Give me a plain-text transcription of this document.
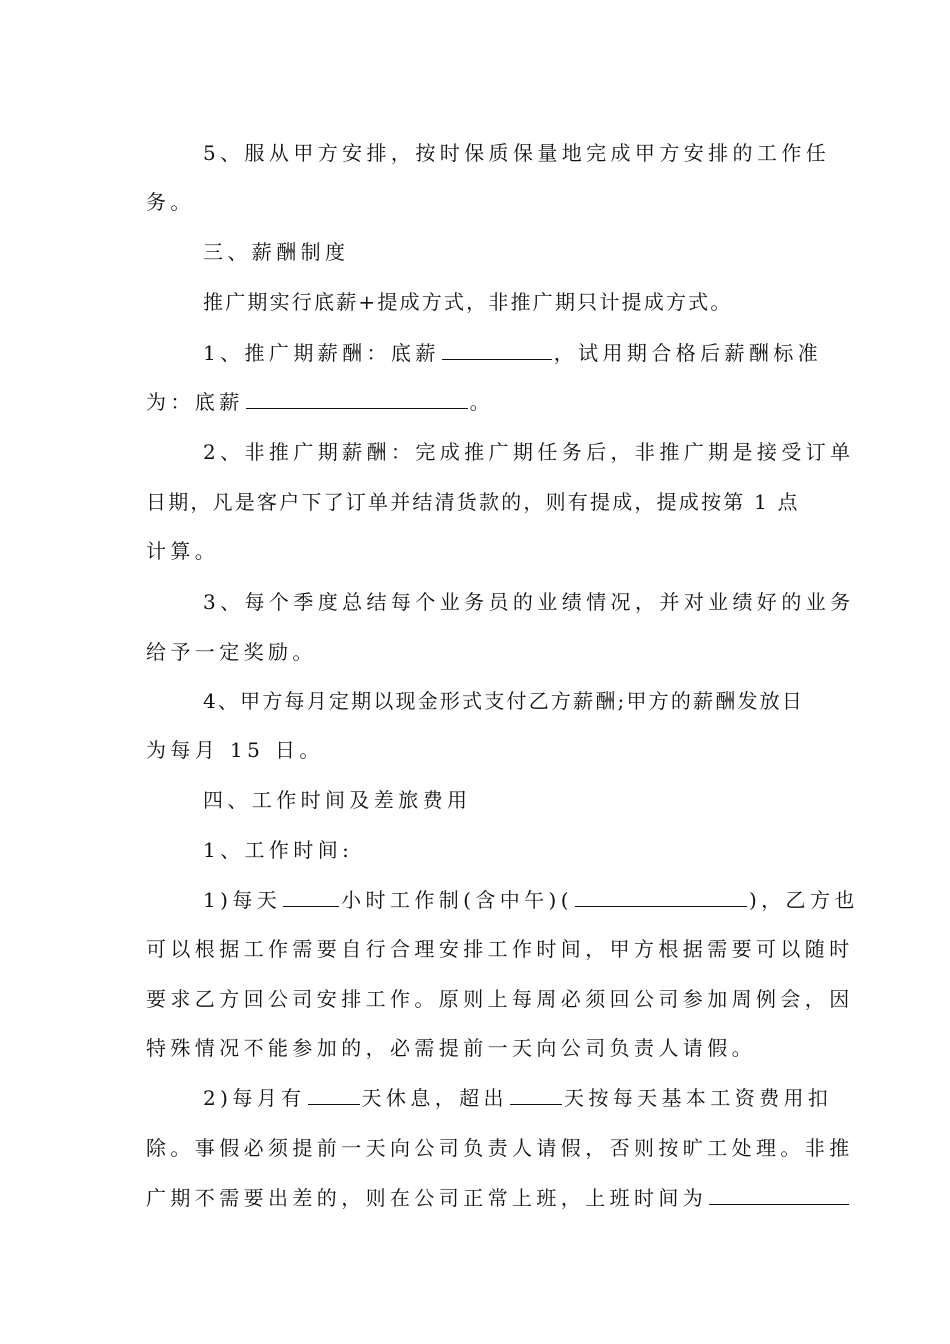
5、服从甲方安排，按时保质保量地完成甲方安排的工作任
务。
三、薪酬制度
推广期实行底薪+提成方式，非推广期只计提成方式。
1、推广期薪酬：底薪	，试用期合格后薪酬标准
为：底薪	。
2、非推广期薪酬：完成推广期任务后，非推广期是接受订单
日期，凡是客户下了订单并结清货款的，则有提成，提成按第 1 点
计算。
3、每个季度总结每个业务员的业绩情况，并对业绩好的业务
给予一定奖励。
4、甲方每月定期以现金形式支付乙方薪酬;甲方的薪酬发放日
为每月 15 日。
四、工作时间及差旅费用
1、工作时间:
1)每天	小时工作制(含中午)(	)，乙方也
可以根据工作需要自行合理安排工作时间，甲方根据需要可以随时
要求乙方回公司安排工作。原则上每周必须回公司参加周例会，因
特殊情况不能参加的，必需提前一天向公司负责人请假。
2)每月有	天休息，超出	天按每天基本工资费用扣
除。事假必须提前一天向公司负责人请假，否则按旷工处理。非推
广期不需要出差的，则在公司正常上班，上班时间为
